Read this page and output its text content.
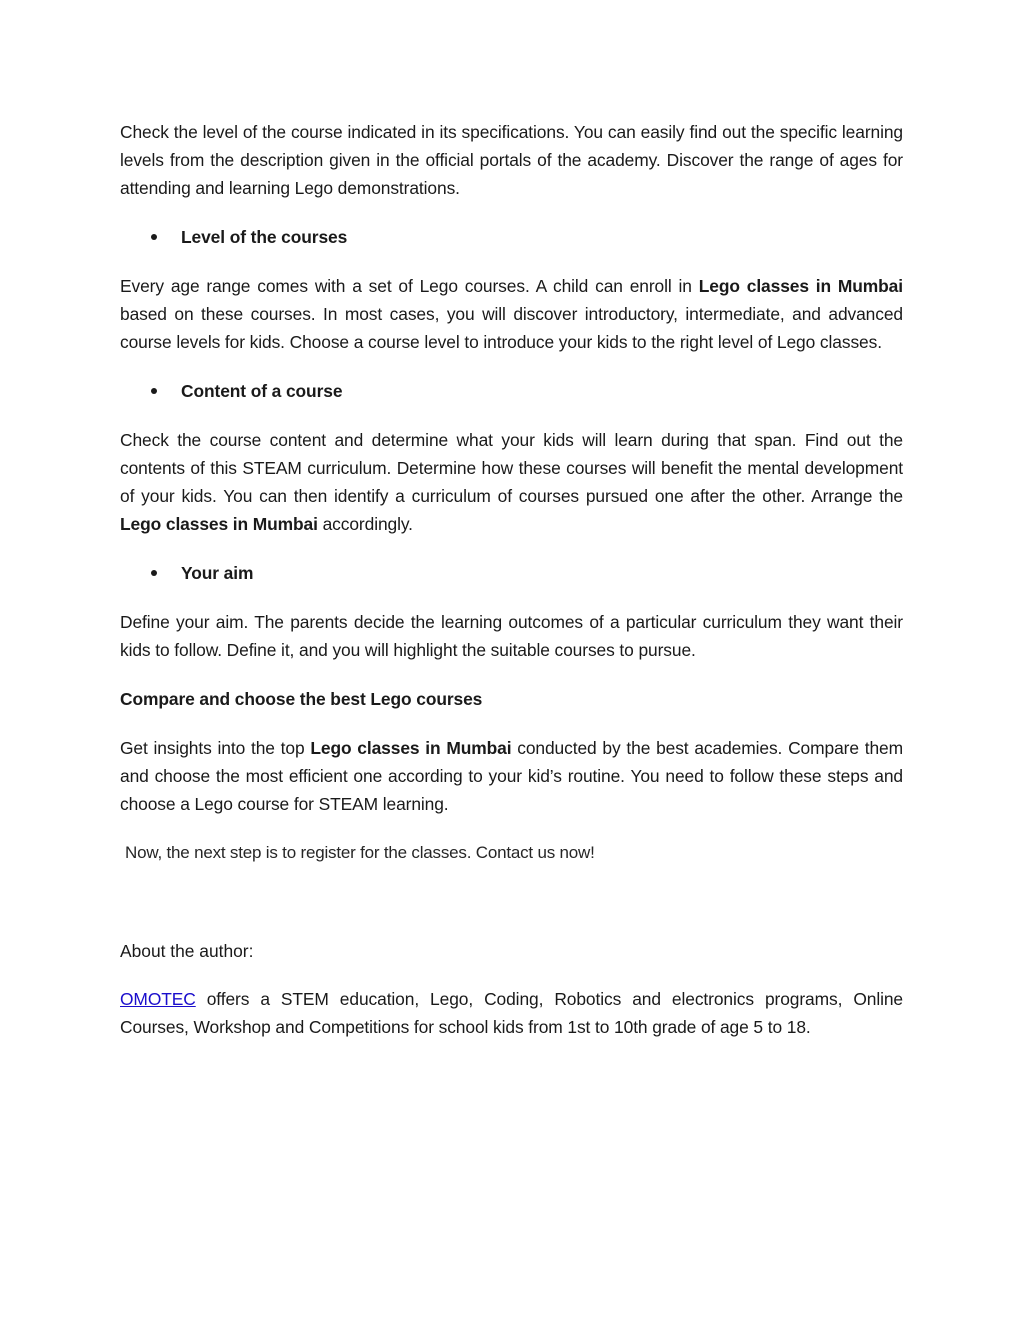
Check the level of the course indicated in its specifications. You can easily find out the specific learning levels from the description given in the official portals of the academy. Discover the range of ages for attending and learning Lego demonstrations.

Level of the courses

Every age range comes with a set of Lego courses. A child can enroll in Lego classes in Mumbai based on these courses. In most cases, you will discover introductory, intermediate, and advanced course levels for kids. Choose a course level to introduce your kids to the right level of Lego classes.

Content of a course

Check the course content and determine what your kids will learn during that span. Find out the contents of this STEAM curriculum. Determine how these courses will benefit the mental development of your kids. You can then identify a curriculum of courses pursued one after the other. Arrange the Lego classes in Mumbai accordingly.

Your aim

Define your aim. The parents decide the learning outcomes of a particular curriculum they want their kids to follow. Define it, and you will highlight the suitable courses to pursue.

Compare and choose the best Lego courses

Get insights into the top Lego classes in Mumbai conducted by the best academies. Compare them and choose the most efficient one according to your kid’s routine. You need to follow these steps and choose a Lego course for STEAM learning.

Now, the next step is to register for the classes. Contact us now!

About the author:

OMOTEC offers a STEM education, Lego, Coding, Robotics and electronics programs, Online Courses, Workshop and Competitions for school kids from 1st to 10th grade of age 5 to 18.
